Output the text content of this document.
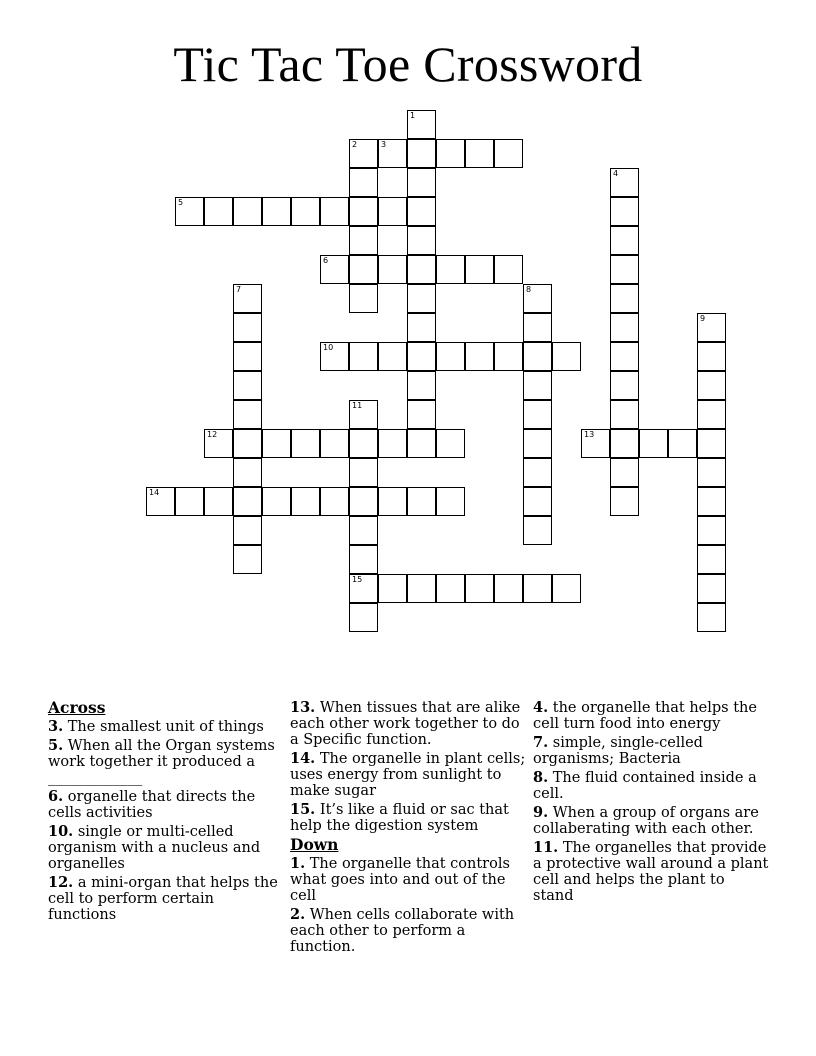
Tic Tac Toe Crossword
1
2
4
5
6
7	8
9
10
11
15
12	13
14
3
Across
3. The smallest unit of things
5. When all the Organ systems work together it produced a _____________
6. organelle that directs the cells activities
10. single or multi-celled organism with a nucleus and organelles
12. a mini-organ that helps the cell to perform certain functions
13. When tissues that are alike each other work together to do a Specific function.
14. The organelle in plant cells; uses energy from sunlight to make sugar
15. It’s like a fluid or sac that help the digestion system
Down
1. The organelle that controls what goes into and out of the cell
2. When cells collaborate with each other to perform a function.
4. the organelle that helps the cell turn food into energy
7. simple, single-celled organisms; Bacteria
8. The fluid contained inside a cell.
9. When a group of organs are collaberating with each other.
11. The organelles that provide a protective wall around a plant cell and helps the plant to stand
